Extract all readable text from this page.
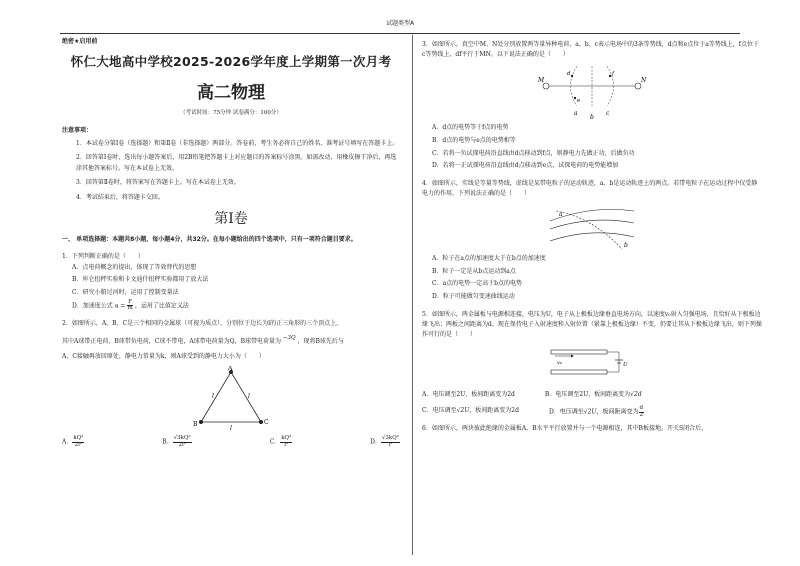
试题类型A
绝密★启用前
怀仁大地高中学校2025-2026学年度上学期第一次月考
高二物理
（考试时间：75分钟 试卷满分：100分）
注意事项：
1．本试卷分第Ⅰ卷（选择题）和第Ⅱ卷（非选择题）两部分。答卷前，考生务必将自己的姓名、准考证号填写在答题卡上。
2．回答第Ⅰ卷时，选出每小题答案后，用2B铅笔把答题卡上对应题目的答案标号涂黑。如需改动，用橡皮擦干净后，再选涂其他答案标号。写在本试卷上无效。
3．回答第Ⅱ卷时，将答案写在答题卡上。写在本试卷上无效。
4．考试结束后，将答题卡交回。
第Ⅰ卷
一、 单项选择题：本题共8小题，每小题4分，共32分。在每小题给出的四个选项中，只有一项符合题目要求。
1．下列判断正确的是（　　）
A．点电荷概念的提出，体现了等效替代的思想
B．库仑扭秤实验和卡文迪什扭秤实验都用了放大法
C．研究小船过河时，运用了控制变量法
D．加速度公式 $a = \frac{F}{m}$ ，运用了比值定义法
2．如图所示，A、B、C是三个相同的金属球（可视为质点），分别位于边长为l的正三角形的三个顶点上，
其中A球带正电荷，B球带负电荷，C球不带电，A球带电荷量为Q，B球带电荷量为 −3Q ，现将B球先后与
A、C接触再放回原处，静电力常量为k，则A球受到的静电力大小为（　　）
A
B	C
l	l
l
A． $\frac{\text{kQ²}}{\text{2l²}}$	B． $\frac{\text{√3kQ²}}{\text{2l²}}$	C． $\frac{\text{kQ²}}{\text{l²}}$	D． $\frac{\text{√3kQ²}}{\text{l²}}$
3．如图所示，真空中M、N处分别放置两等量异种电荷，a、b、c表示电场中的3条等势线，d点和e点位于a等势线上，f点位于c等势线上，df平行于MN。以下说法正确的是（　　）
M	N
d
e
f
a
b
c
A．d点的电势等于f点的电势
B．d点的电势与e点的电势相等
C．若将一负试探电荷沿直线由d点移动到f点，则静电力先做正功，后做负功
D．若将一正试探电荷沿直线由d点移动到e点，试探电荷的电势能增加
4．如图所示，实线是等量等势线，虚线是某带电粒子的运动轨迹，a、b是运动轨迹上的两点。若带电粒子在运动过程中仅受静电力的作用，下列说法正确的是（　　）
a
b
A．粒子在a点的加速度大于在b点的加速度
B．粒子一定是从b点运动到a点
C．a点的电势一定高于b点的电势
D．粒子可能做匀变速曲线运动
5．如图所示，两金属板与电源相连接，电压为U，电子从上极板边缘垂直电场方向，以速度v₀射入匀强电场，且恰好从下极板边缘飞出；两板之间距离为d。现在保持电子入射速度和入射位置（紧靠上极板边缘）不变，仍要让其从下极板边缘飞出，则下列操作可行的是（　　）
v₀	U
A．电压调至2U，板间距离变为2d	B．电压调至2U，板间距离变为√2d
C．电压调至√2U，板间距离变为2d	D．电压调至√2U，板间距离变为 $\frac{d}{2}$
6．如图所示，两块彼此绝缘的金属板A、B水平平行放置并与一个电源相连，其中B板接地。开关S闭合后，
